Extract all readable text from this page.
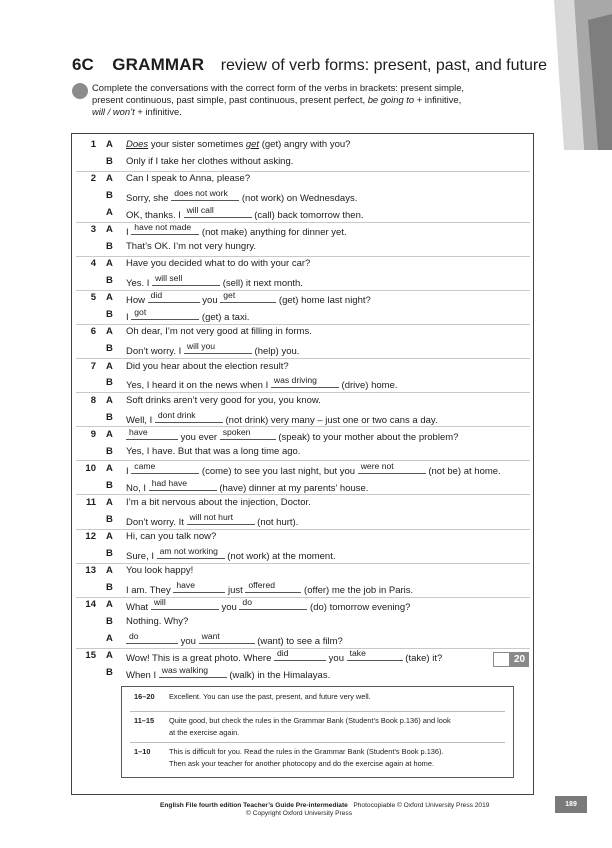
6C GRAMMAR review of verb forms: present, past, and future
Complete the conversations with the correct form of the verbs in brackets: present simple,
present continuous, past simple, past continuous, present perfect, be going to + infinitive,
will / won’t + infinitive.
1 A Does your sister sometimes get (get) angry with you?
B Only if I take her clothes without asking.
2 A Can I speak to Anna, please?
B Sorry, she does not work (not work) on Wednesdays.
A OK, thanks. I will call	(call) back tomorrow then.
3 A I have not made (not make) anything for dinner yet.
B That’s OK. I’m not very hungry.
4 A Have you decided what to do with your car?
B Yes. I will sell	(sell) it next month.
5 A How did	you get	(get) home last night?
B I got	(get) a taxi.
6 A Oh dear, I’m not very good at filling in forms.
B Don’t worry. I will you	(help) you.
7 A Did you hear about the election result?
B Yes, I heard it on the news when I was driving (drive) home.
8 A Soft drinks aren’t very good for you, you know.
B Well, I dont drink	(not drink) very many – just one or two cans a day.
9 A have	you ever spoken	(speak) to your mother about the problem?
B Yes, I have. But that was a long time ago.
10 A I came	(come) to see you last night, but you were not	(not be) at home.
B No, I had have	(have) dinner at my parents’ house.
11 A I’m a bit nervous about the injection, Doctor.
B Don’t worry. It will not hurt (not hurt).
12 A Hi, can you talk now?
B Sure, I am not working (not work) at the moment.
13 A You look happy!
B I am. They have	just offered	(offer) me the job in Paris.
14 A What will	you do	(do) tomorrow evening?
B Nothing. Why?
A do	you want	(want) to see a film?
15 A Wow! This is a great photo. Where did	you take	(take) it?
B When I was walking (walk) in the Himalayas.
20
16–20 Excellent. You can use the past, present, and future very well.
11–15 Quite good, but check the rules in the Grammar Bank (Student’s Book p.136) and look
at the exercise again.
1–10	This is difficult for you. Read the rules in the Grammar Bank (Student’s Book p.136).
Then ask your teacher for another photocopy and do the exercise again at home.
English File fourth edition Teacher’s Guide Pre-intermediate Photocopiable © Oxford University Press 2019
© Copyright Oxford University Press
189
